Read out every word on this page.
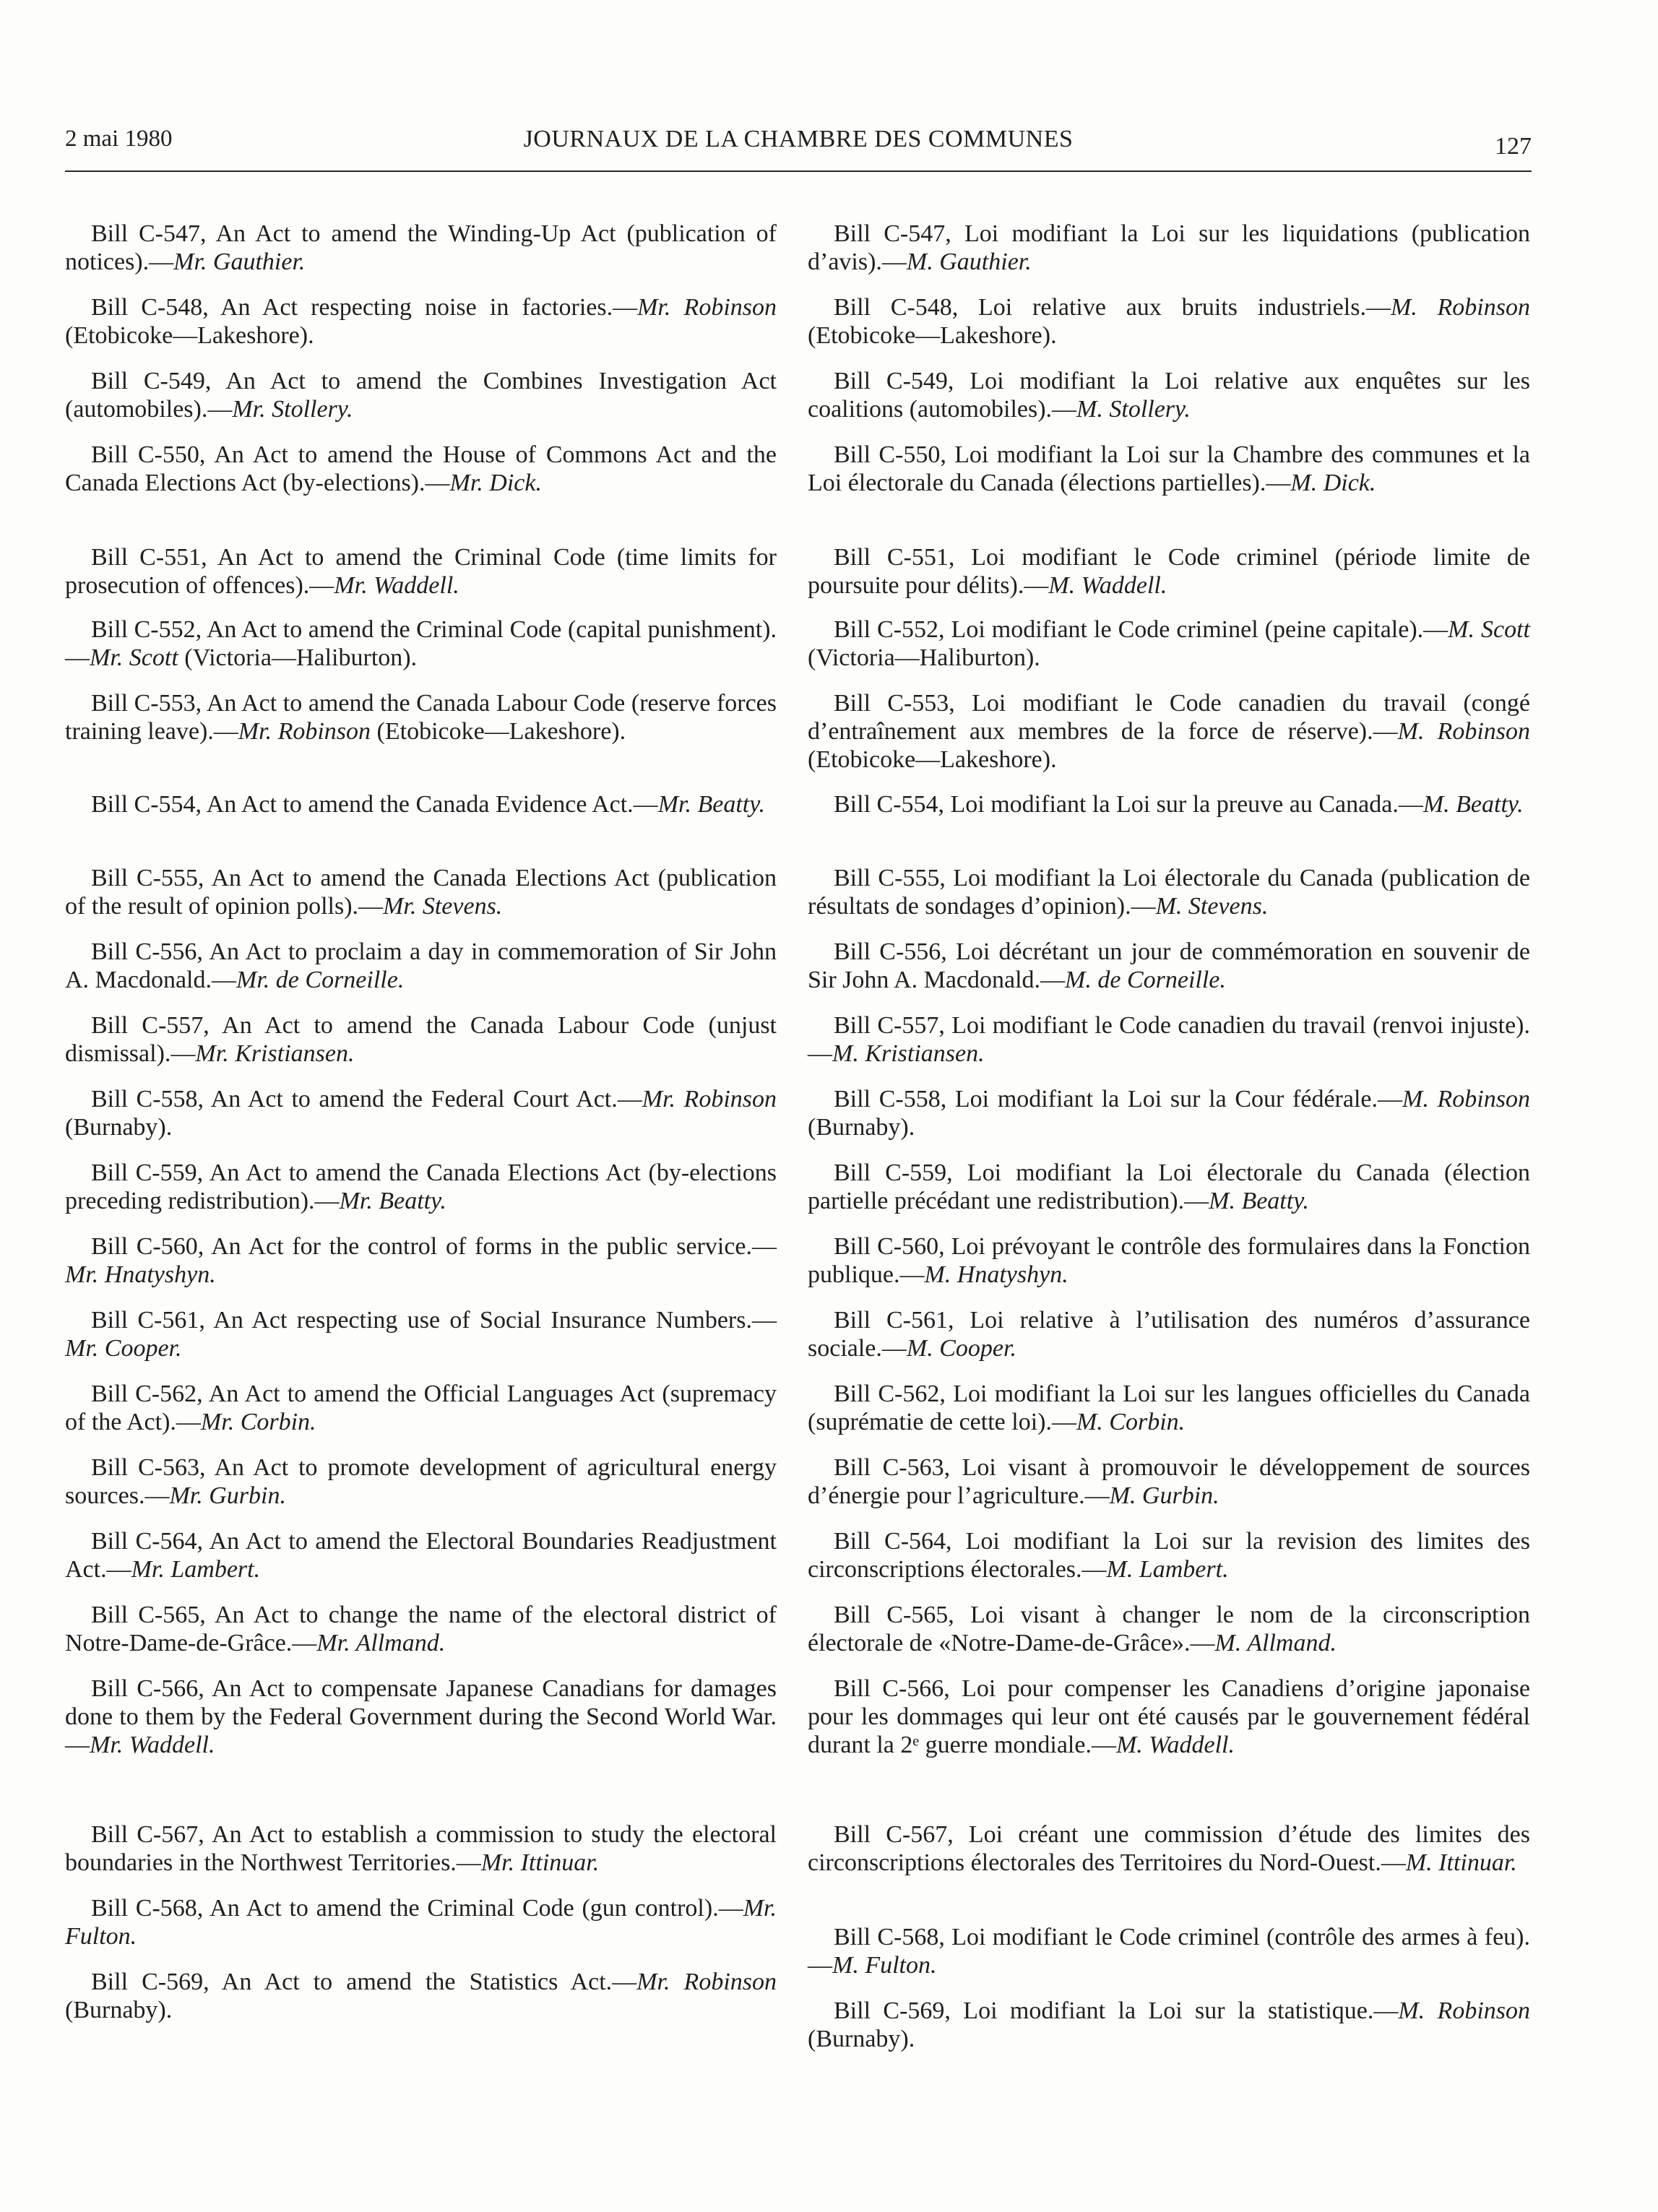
2 mai 1980	JOURNAUX DE LA CHAMBRE DES COMMUNES	127

Bill C-547, An Act to amend the Winding-Up Act (publication of notices).—Mr. Gauthier.

Bill C-548, An Act respecting noise in factories.—Mr. Robinson (Etobicoke—Lakeshore).

Bill C-549, An Act to amend the Combines Investigation Act (automobiles).—Mr. Stollery.

Bill C-550, An Act to amend the House of Commons Act and the Canada Elections Act (by-elections).—Mr. Dick.

Bill C-551, An Act to amend the Criminal Code (time limits for prosecution of offences).—Mr. Waddell.

Bill C-552, An Act to amend the Criminal Code (capital punishment).—Mr. Scott (Victoria—Haliburton).

Bill C-553, An Act to amend the Canada Labour Code (reserve forces training leave).—Mr. Robinson (Etobicoke—Lakeshore).

Bill C-554, An Act to amend the Canada Evidence Act.—Mr. Beatty.

Bill C-555, An Act to amend the Canada Elections Act (publication of the result of opinion polls).—Mr. Stevens.

Bill C-556, An Act to proclaim a day in commemoration of Sir John A. Macdonald.—Mr. de Corneille.

Bill C-557, An Act to amend the Canada Labour Code (unjust dismissal).—Mr. Kristiansen.

Bill C-558, An Act to amend the Federal Court Act.—Mr. Robinson (Burnaby).

Bill C-559, An Act to amend the Canada Elections Act (by-elections preceding redistribution).—Mr. Beatty.

Bill C-560, An Act for the control of forms in the public service.—Mr. Hnatyshyn.

Bill C-561, An Act respecting use of Social Insurance Numbers.—Mr. Cooper.

Bill C-562, An Act to amend the Official Languages Act (supremacy of the Act).—Mr. Corbin.

Bill C-563, An Act to promote development of agricultural energy sources.—Mr. Gurbin.

Bill C-564, An Act to amend the Electoral Boundaries Readjustment Act.—Mr. Lambert.

Bill C-565, An Act to change the name of the electoral district of Notre-Dame-de-Grâce.—Mr. Allmand.

Bill C-566, An Act to compensate Japanese Canadians for damages done to them by the Federal Government during the Second World War.—Mr. Waddell.

Bill C-567, An Act to establish a commission to study the electoral boundaries in the Northwest Territories.—Mr. Ittinuar.

Bill C-568, An Act to amend the Criminal Code (gun control).—Mr. Fulton.

Bill C-569, An Act to amend the Statistics Act.—Mr. Robinson (Burnaby).

Bill C-547, Loi modifiant la Loi sur les liquidations (publication d’avis).—M. Gauthier.

Bill C-548, Loi relative aux bruits industriels.—M. Robinson (Etobicoke—Lakeshore).

Bill C-549, Loi modifiant la Loi relative aux enquêtes sur les coalitions (automobiles).—M. Stollery.

Bill C-550, Loi modifiant la Loi sur la Chambre des communes et la Loi électorale du Canada (élections partielles).—M. Dick.

Bill C-551, Loi modifiant le Code criminel (période limite de poursuite pour délits).—M. Waddell.

Bill C-552, Loi modifiant le Code criminel (peine capitale).—M. Scott (Victoria—Haliburton).

Bill C-553, Loi modifiant le Code canadien du travail (congé d’entraînement aux membres de la force de réserve).—M. Robinson (Etobicoke—Lakeshore).

Bill C-554, Loi modifiant la Loi sur la preuve au Canada.—M. Beatty.

Bill C-555, Loi modifiant la Loi électorale du Canada (publication de résultats de sondages d’opinion).—M. Stevens.

Bill C-556, Loi décrétant un jour de commémoration en souvenir de Sir John A. Macdonald.—M. de Corneille.

Bill C-557, Loi modifiant le Code canadien du travail (renvoi injuste).—M. Kristiansen.

Bill C-558, Loi modifiant la Loi sur la Cour fédérale.—M. Robinson (Burnaby).

Bill C-559, Loi modifiant la Loi électorale du Canada (élection partielle précédant une redistribution).—M. Beatty.

Bill C-560, Loi prévoyant le contrôle des formulaires dans la Fonction publique.—M. Hnatyshyn.

Bill C-561, Loi relative à l’utilisation des numéros d’assurance sociale.—M. Cooper.

Bill C-562, Loi modifiant la Loi sur les langues officielles du Canada (suprématie de cette loi).—M. Corbin.

Bill C-563, Loi visant à promouvoir le développement de sources d’énergie pour l’agriculture.—M. Gurbin.

Bill C-564, Loi modifiant la Loi sur la revision des limites des circonscriptions électorales.—M. Lambert.

Bill C-565, Loi visant à changer le nom de la circonscription électorale de «Notre-Dame-de-Grâce».—M. Allmand.

Bill C-566, Loi pour compenser les Canadiens d’origine japonaise pour les dommages qui leur ont été causés par le gouvernement fédéral durant la 2ᵉ guerre mondiale.—M. Waddell.

Bill C-567, Loi créant une commission d’étude des limites des circonscriptions électorales des Territoires du Nord-Ouest.—M. Ittinuar.

Bill C-568, Loi modifiant le Code criminel (contrôle des armes à feu).—M. Fulton.

Bill C-569, Loi modifiant la Loi sur la statistique.—M. Robinson (Burnaby).
